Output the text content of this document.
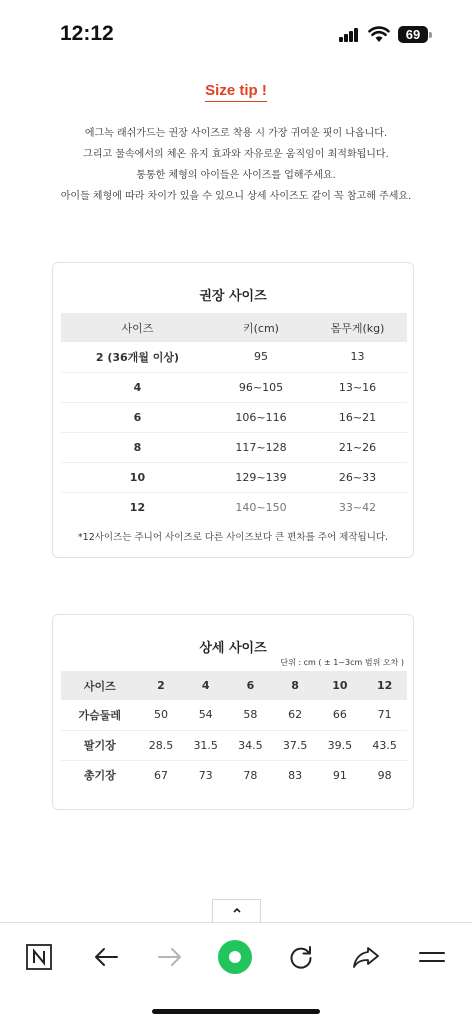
12:12	69
Size tip !
에그녹 래쉬가드는 권장 사이즈로 착용 시 가장 귀여운 핏이 나옵니다.
그리고 물속에서의 체온 유지 효과와 자유로운 움직임이 최적화됩니다.
통통한 체형의 아이들은 사이즈를 업해주세요.
아이들 체형에 따라 차이가 있을 수 있으니 상세 사이즈도 같이 꼭 참고해 주세요.
권장 사이즈
사이즈	키(cm)	몸무게(kg)
2 (36개월 이상)	95	13
4	96~105	13~16
6	106~116	16~21
8	117~128	21~26
10	129~139	26~33
12	140~150	33~42
*12사이즈는 주니어 사이즈로 다른 사이즈보다 큰 편차를 주어 제작됩니다.
상세 사이즈
단위 : cm ( ± 1~3cm 범위 오차 )
사이즈	2	4	6	8	10	12
가슴둘레	50	54	58	62	66	71
팔기장	28.5	31.5	34.5	37.5	39.5	43.5
총기장	67	73	78	83	91	98
